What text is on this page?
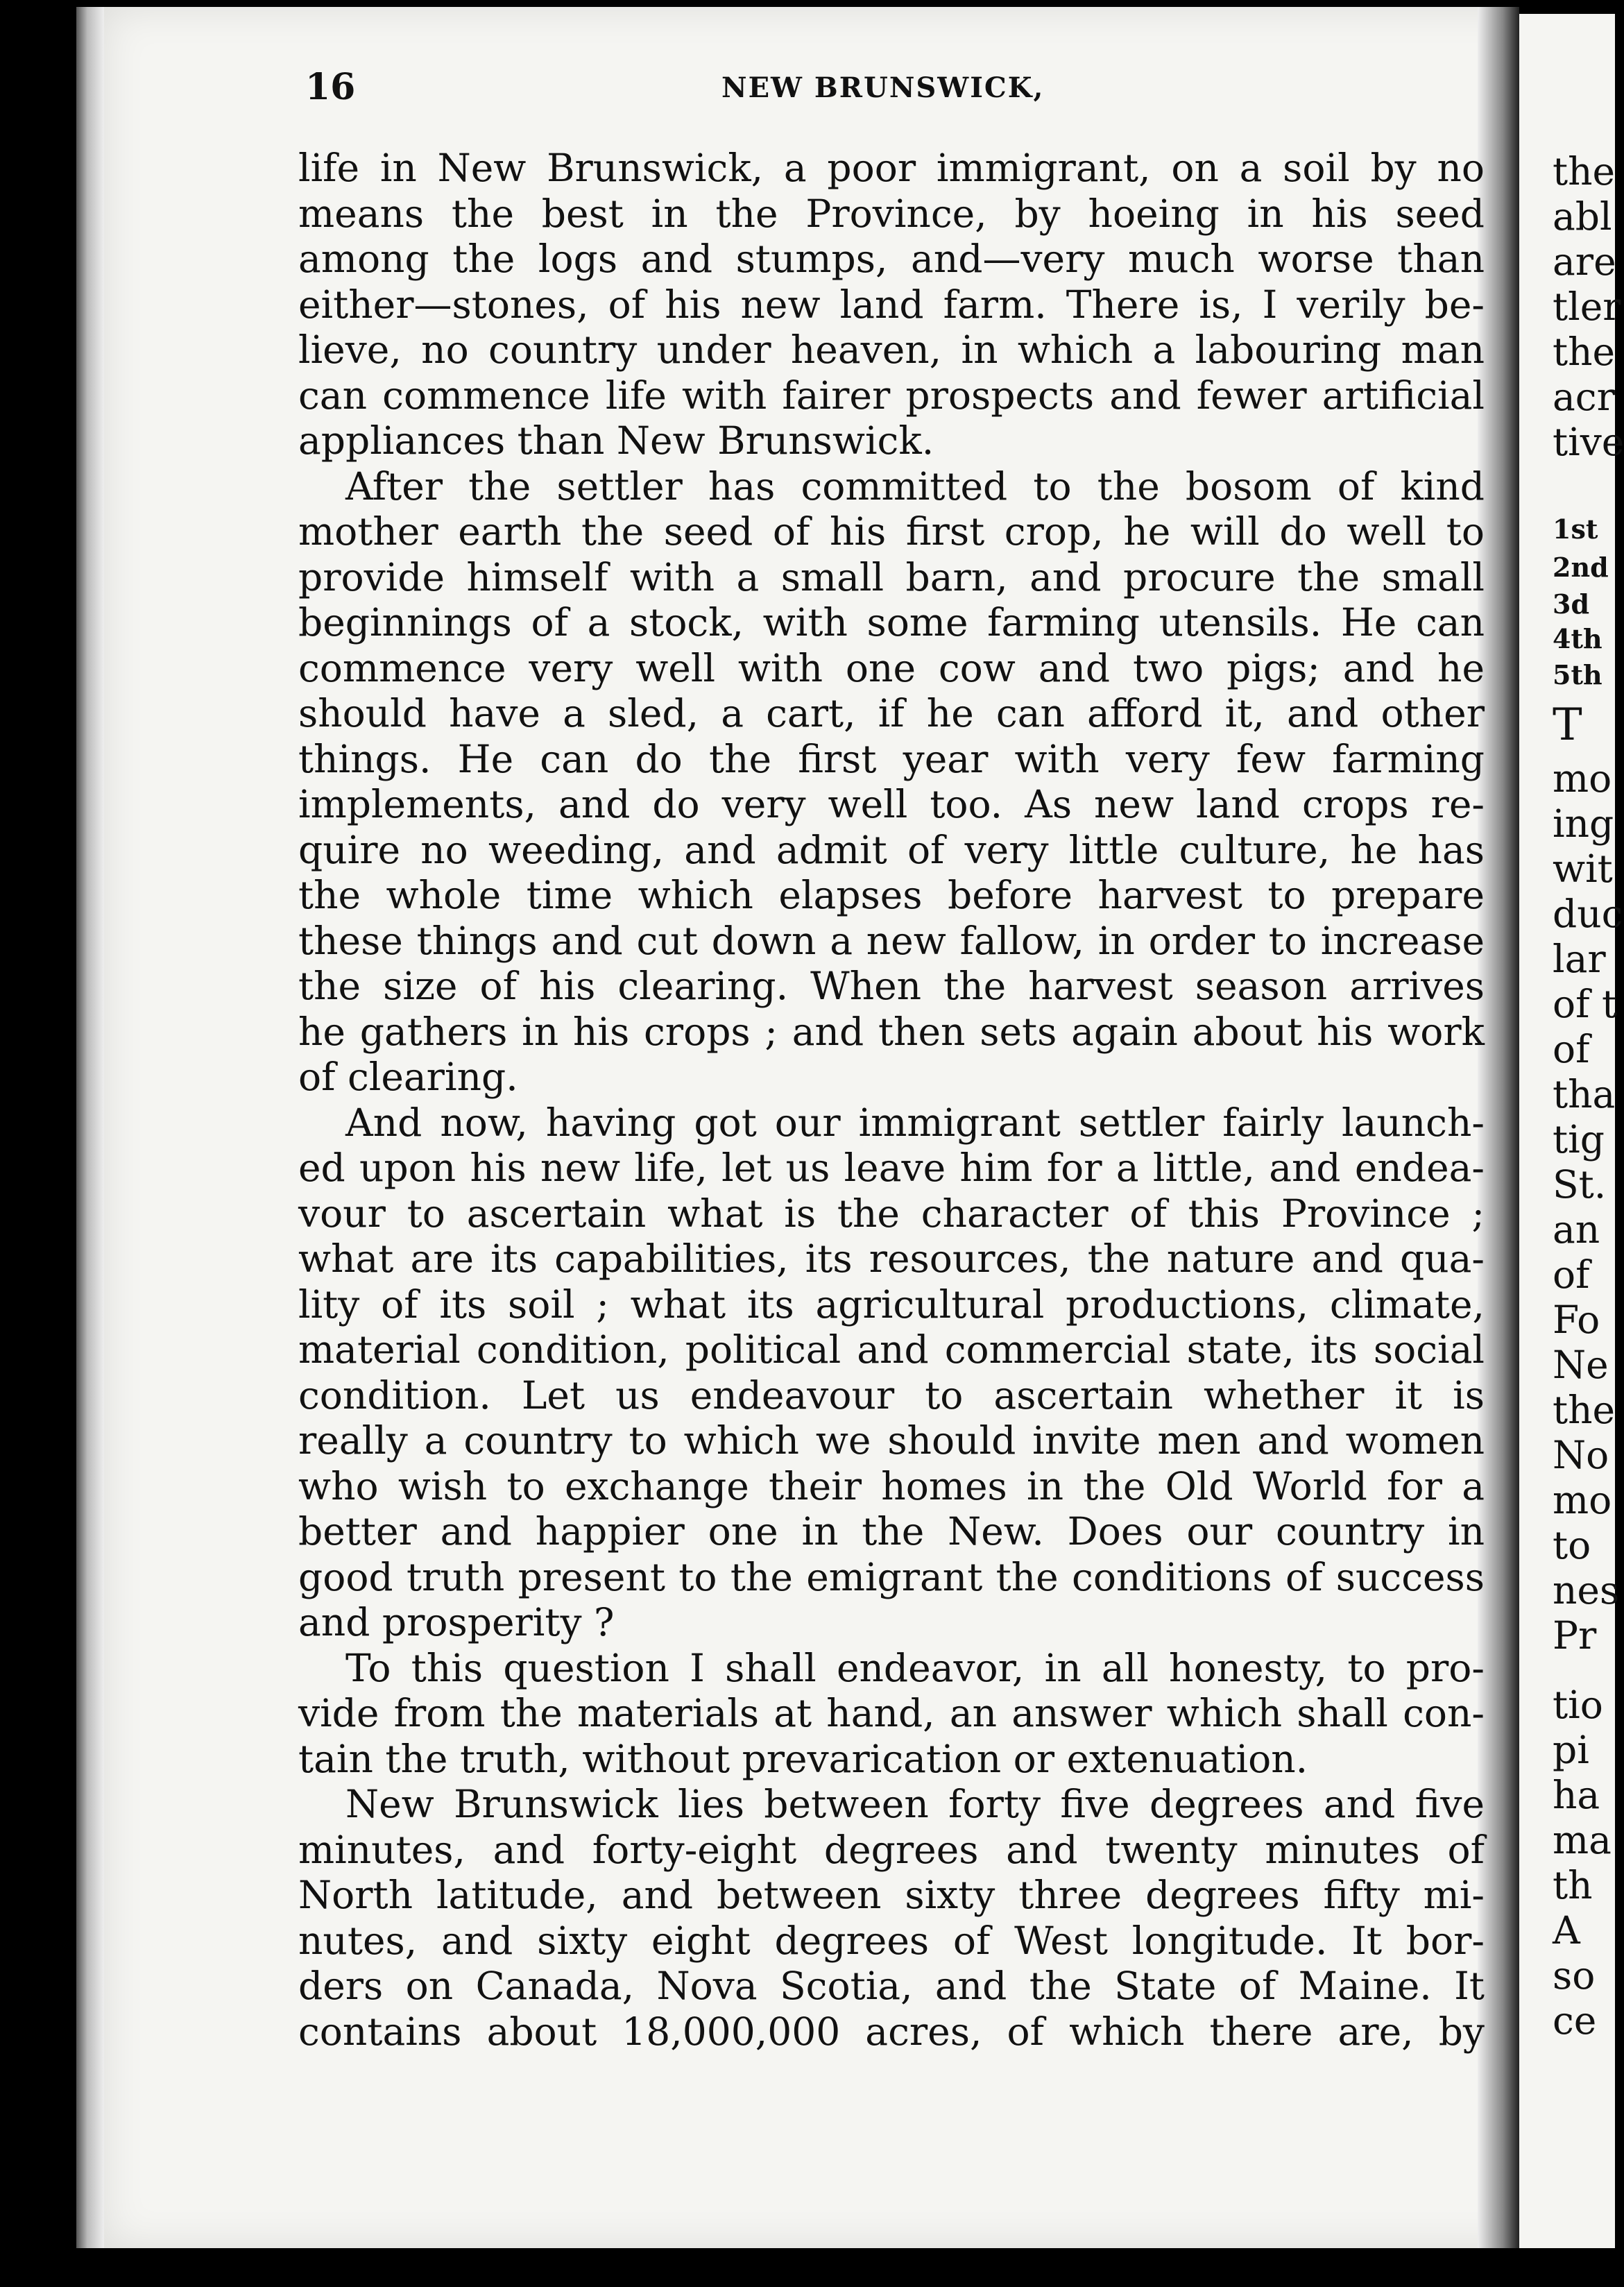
16	NEW BRUNSWICK,
life in New Brunswick, a poor immigrant, on a soil by no
means the best in the Province, by hoeing in his seed
among the logs and stumps, and—very much worse than
either—stones, of his new land farm. There is, I verily be-
lieve, no country under heaven, in which a labouring man
can commence life with fairer prospects and fewer artificial
appliances than New Brunswick.
After the settler has committed to the bosom of kind
mother earth the seed of his first crop, he will do well to
provide himself with a small barn, and procure the small
beginnings of a stock, with some farming utensils. He can
commence very well with one cow and two pigs; and he
should have a sled, a cart, if he can afford it, and other
things. He can do the first year with very few farming
implements, and do very well too. As new land crops re-
quire no weeding, and admit of very little culture, he has
the whole time which elapses before harvest to prepare
these things and cut down a new fallow, in order to increase
the size of his clearing. When the harvest season arrives
he gathers in his crops ; and then sets again about his work
of clearing.
And now, having got our immigrant settler fairly launch-
ed upon his new life, let us leave him for a little, and endea-
vour to ascertain what is the character of this Province ;
what are its capabilities, its resources, the nature and qua-
lity of its soil ; what its agricultural productions, climate,
material condition, political and commercial state, its social
condition. Let us endeavour to ascertain whether it is
really a country to which we should invite men and women
who wish to exchange their homes in the Old World for a
better and happier one in the New. Does our country in
good truth present to the emigrant the conditions of success
and prosperity ?
To this question I shall endeavor, in all honesty, to pro-
vide from the materials at hand, an answer which shall con-
tain the truth, without prevarication or extenuation.
New Brunswick lies between forty five degrees and five
minutes, and forty-eight degrees and twenty minutes of
North latitude, and between sixty three degrees fifty mi-
nutes, and sixty eight degrees of West longitude. It bor-
ders on Canada, Nova Scotia, and the State of Maine. It
contains about 18,000,000 acres, of which there are, by
the
abl
are
tler
the
acr
tive
1st
2nd
3d
4th
5th
T
mo
ing
wit
duc
lar
of t
of
tha
tig
St.
an
of
Fo
Ne
the
No
mo
to
nes
Pr
tio
pi
ha
ma
th
A
so
ce
